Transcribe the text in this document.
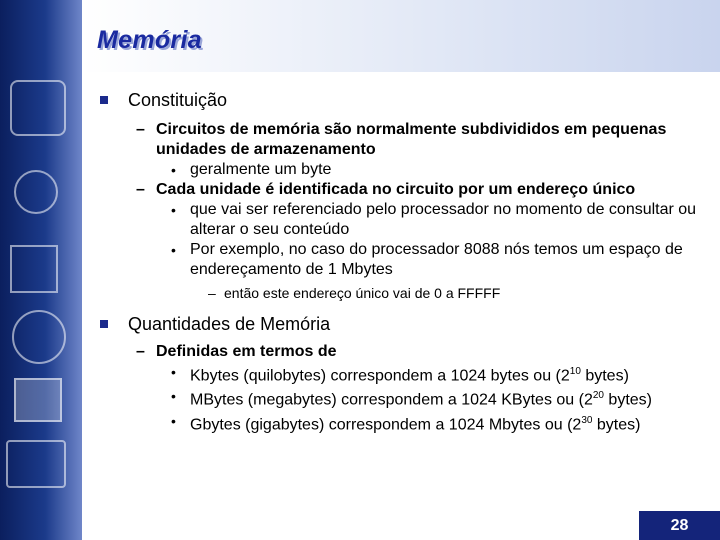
Memória
Constituição
– Circuitos de memória são normalmente subdivididos em pequenas unidades de armazenamento
• geralmente um byte
– Cada unidade é identificada no circuito por um endereço único
• que vai ser referenciado pelo processador no momento de consultar ou alterar o seu conteúdo
• Por exemplo, no caso do processador 8088 nós temos um espaço de endereçamento de 1 Mbytes
– então este endereço único vai de 0 a FFFFF
Quantidades de Memória
– Definidas em termos de
• Kbytes (quilobytes) correspondem a 1024 bytes ou ($2^{10}$ bytes)
• MBytes (megabytes) correspondem a 1024 KBytes ou ($2^{20}$ bytes)
• Gbytes (gigabytes) correspondem a 1024 Mbytes ou ($2^{30}$ bytes)
28
